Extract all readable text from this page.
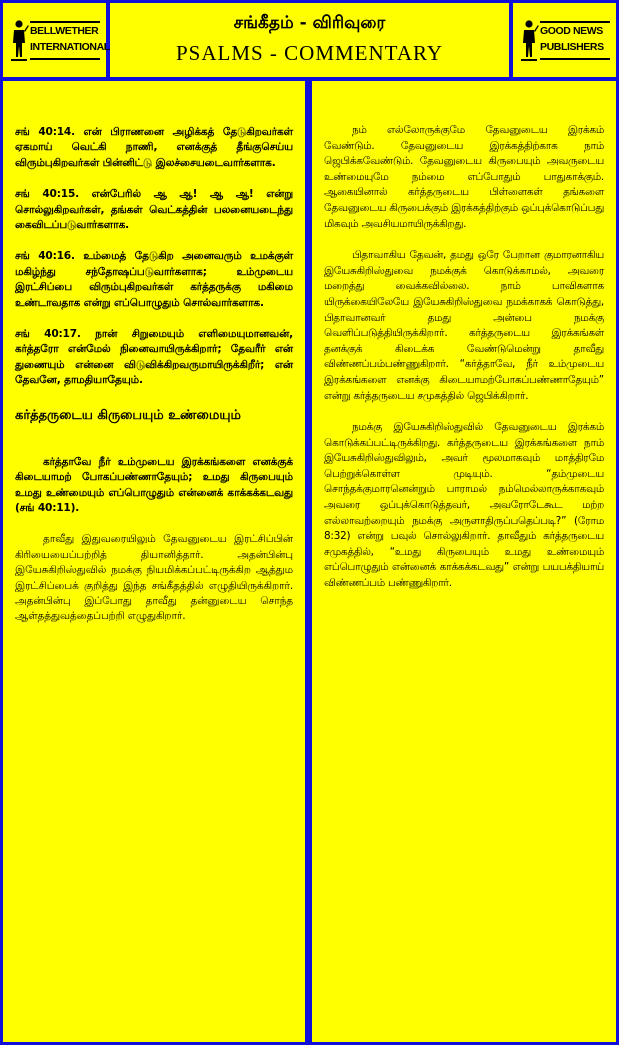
BELLWETHER
INTERNATIONAL
சங்கீதம் - விரிவுரை
PSALMS - COMMENTARY
GOOD NEWS
PUBLISHERS

சங் 40:14. என் பிராணனை அழிக்கத் தேடுகிறவர்கள் ஏகமாய் வெட்கி நாணி, எனக்குத் தீங்குசெய்ய விரும்புகிறவர்கள் பின்னிட்டு இலச்சையடைவார்களாக.

சங் 40:15. என்பேரில் ஆ ஆ! ஆ ஆ! என்று சொல்லுகிறவர்கள், தங்கள் வெட்கத்தின் பலனையடைந்து கைவிடப்படுவார்களாக.

சங் 40:16. உம்மைத் தேடுகிற அனைவரும் உமக்குள் மகிழ்ந்து சந்தோஷப்படுவார்களாக; உம்முடைய இரட்சிப்பை விரும்புகிறவர்கள் கர்த்தருக்கு மகிமை உண்டாவதாக என்று எப்பொழுதும் சொல்வார்களாக.

சங் 40:17. நான் சிறுமையும் எளிமையுமானவன், கர்த்தரோ என்மேல் நினைவாயிருக்கிறார்; தேவரீர் என் துணையும் என்னை விடுவிக்கிறவருமாயிருக்கிறீர்; என் தேவனே, தாமதியாதேயும்.

கர்த்தருடைய கிருபையும் உண்மையும்

கர்த்தாவே நீர் உம்முடைய இரக்கங்களை எனக்குக் கிடையாமற் போகப்பண்ணாதேயும்; உமது கிருபையும் உமது உண்மையும் எப்பொழுதும் என்னைக் காக்கக்கடவது (சங் 40:11).

தாவீது இதுவரையிலும் தேவனுடைய இரட்சிப்பின் கிரியையைப்பற்றித் தியானித்தார். அதன்பின்பு இயேசுகிறிஸ்துவில் நமக்கு நியமிக்கப்பட்டிருக்கிற ஆத்தும இரட்சிப்பைக் குறித்து இந்த சங்கீதத்தில் எழுதியிருக்கிறார். அதன்பின்பு இப்போது தாவீது தன்னுடைய சொந்த ஆள்தத்துவத்தைப்பற்றி எழுதுகிறார்.

நம் எல்லோருக்குமே தேவனுடைய இரக்கம் வேண்டும். தேவனுடைய இரக்கத்திற்காக நாம் ஜெபிக்கவேண்டும். தேவனுடைய கிருபையும் அவருடைய உண்மையுமே நம்மை எப்போதும் பாதுகாக்கும். ஆகையினால் கர்த்தருடைய பிள்ளைகள் தங்களை தேவனுடைய கிருபைக்கும் இரக்கத்திற்கும் ஒப்புக்கொடுப்பது மிகவும் அவசியமாயிருக்கிறது.

பிதாவாகிய தேவன், தமது ஒரே பேறான குமாரனாகிய இயேசுகிறிஸ்துவை நமக்குக் கொடுக்காமல், அவரை மறைத்து வைக்கவில்லை. நாம் பாவிகளாக யிருக்கையிலேயே இயேசுகிறிஸ்துவை நமக்காகக் கொடுத்து, பிதாவானவர் தமது அன்பை நமக்கு வெளிப்படுத்தியிருக்கிறார். கர்த்தருடைய இரக்கங்கள் தனக்குக் கிடைக்க வேண்டுமென்று தாவீது விண்ணப்பம்பண்ணுகிறார். “கர்த்தாவே, நீர் உம்முடைய இரக்கங்களை எனக்கு கிடையாமற்போகப்பண்ணாதேயும்” என்று கர்த்தருடைய சமுகத்தில் ஜெபிக்கிறார்.

நமக்கு இயேசுகிறிஸ்துவில் தேவனுடைய இரக்கம் கொடுக்கப்பட்டிருக்கிறது. கர்த்தருடைய இரக்கங்களை நாம் இயேசுகிறிஸ்துவிலும், அவர் மூலமாகவும் மாத்திரமே பெற்றுக்கொள்ள முடியும். “தம்முடைய சொந்தக்குமாரனென்றும் பாராமல் நம்மெல்லாருக்காகவும் அவரை ஒப்புக்கொடுத்தவர், அவரோடேகூட மற்ற எல்லாவற்றையும் நமக்கு அருளாதிருப்பதெப்படி?” (ரோம 8:32) என்று பவுல் சொல்லுகிறார். தாவீதும் கர்த்தருடைய சமுகத்தில், “உமது கிருபையும் உமது உண்மையும் எப்பொழுதும் என்னைக் காக்கக்கடவது” என்று பயபக்தியாய் விண்ணப்பம் பண்ணுகிறார்.
